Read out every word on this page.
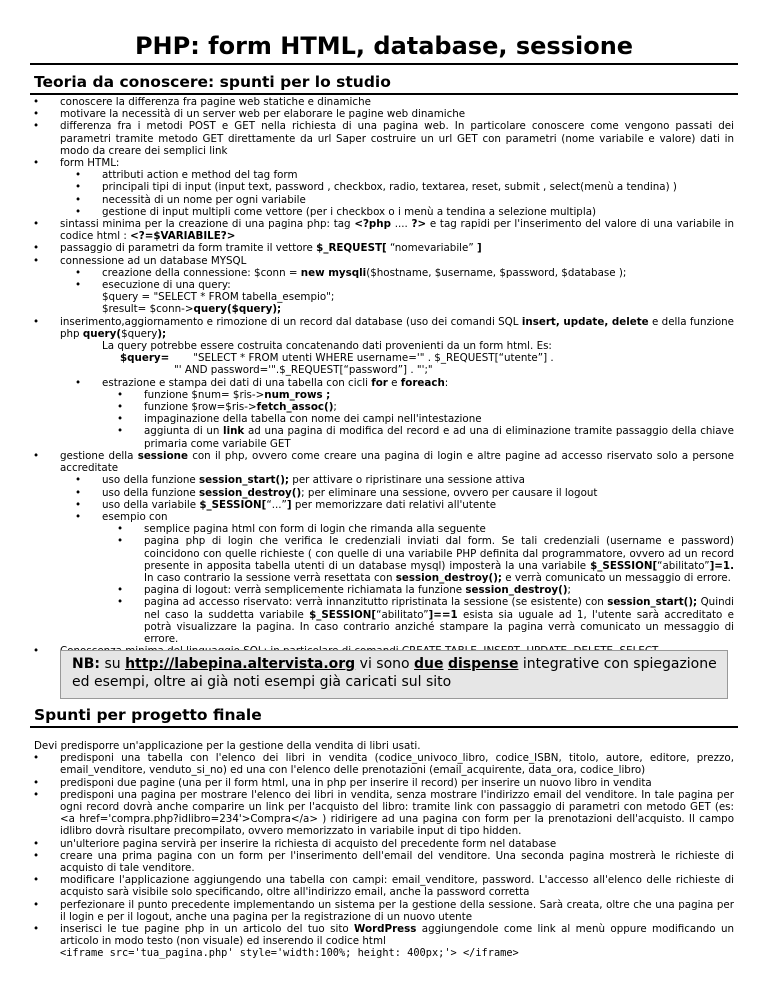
PHP: form HTML, database, sessione
Teoria da conoscere: spunti per lo studio

• conoscere la differenza fra pagine web statiche e dinamiche

• motivare la necessità di un server web per elaborare le pagine web dinamiche

• differenza fra i metodi POST e GET nella richiesta di una pagina web. In particolare conoscere come vengono passati dei parametri tramite metodo GET direttamente da url Saper costruire un url GET con parametri (nome variabile e valore) dati in modo da creare dei semplici link

• form HTML:

• attributi action e method del tag form

• principali tipi di input (input text, password , checkbox, radio, textarea, reset, submit , select(menù a tendina) )

• necessità di un nome per ogni variabile

• gestione di input multipli come vettore (per i checkbox o i menù a tendina a selezione multipla)

• sintassi minima per la creazione di una pagina php: tag <?php .... ?> e tag rapidi per l'inserimento del valore di una variabile in codice html : <?=$VARIABILE?>

• passaggio di parametri da form tramite il vettore $_REQUEST[ “nomevariabile” ]

• connessione ad un database MYSQL

• creazione della connessione: $conn = new mysqli($hostname, $username, $password, $database );

• esecuzione di una query:

$query = "SELECT * FROM tabella_esempio";

$result= $conn->query($query);

• inserimento,aggiornamento e rimozione di un record dal database (uso dei comandi SQL insert, update, delete e della funzione php query($query);

La query potrebbe essere costruita concatenando dati provenienti da un form html. Es:

$query= "SELECT * FROM utenti WHERE username='" . $_REQUEST[“utente”] .

"' AND password='".$_REQUEST[“password”] . "';"

• estrazione e stampa dei dati di una tabella con cicli for e foreach:

• funzione $num= $ris->num_rows ;

• funzione $row=$ris->fetch_assoc();

• impaginazione della tabella con nome dei campi nell'intestazione

• aggiunta di un link ad una pagina di modifica del record e ad una di eliminazione tramite passaggio della chiave primaria come variabile GET

• gestione della sessione con il php, ovvero come creare una pagina di login e altre pagine ad accesso riservato solo a persone accreditate

• uso della funzione session_start(); per attivare o ripristinare una sessione attiva

• uso della funzione session_destroy(); per eliminare una sessione, ovvero per causare il logout

• uso della variabile $_SESSION[“...”] per memorizzare dati relativi all'utente

• esempio con

• semplice pagina html con form di login che rimanda alla seguente

• pagina php di login che verifica le credenziali inviati dal form. Se tali credenziali (username e password) coincidono con quelle richieste ( con quelle di una variabile PHP definita dal programmatore, ovvero ad un record presente in apposita tabella utenti di un database mysql) imposterà la una variabile $_SESSION[“abilitato”]=1. In caso contrario la sessione verrà resettata con session_destroy(); e verrà comunicato un messaggio di errore.

• pagina di logout: verrà semplicemente richiamata la funzione session_destroy();

• pagina ad accesso riservato: verrà innanzitutto ripristinata la sessione (se esistente) con session_start(); Quindi nel caso la suddetta variabile $_SESSION[“abilitato”]==1 esista sia uguale ad 1, l'utente sarà accreditato e potrà visualizzare la pagina. In caso contrario anziché stampare la pagina verrà comunicato un messaggio di errore.

•

NB: su http://labepina.altervista.org vi sono due dispense integrative con spiegazione ed esempi, oltre ai già noti esempi già caricati sul sito
Spunti per progetto finale

Devi predisporre un'applicazione per la gestione della vendita di libri usati.

• predisponi una tabella con l'elenco dei libri in vendita (codice_univoco_libro, codice_ISBN, titolo, autore, editore, prezzo, email_venditore, venduto_si_no) ed una con l'elenco delle prenotazioni (email_acquirente, data_ora, codice_libro)

• predisponi due pagine (una per il form html, una in php per inserire il record) per inserire un nuovo libro in vendita

• predisponi una pagina per mostrare l'elenco dei libri in vendita, senza mostrare l'indirizzo email del venditore. In tale pagina per ogni record dovrà anche comparire un link per l'acquisto del libro: tramite link con passaggio di parametri con metodo GET (es: <a href='compra.php?idlibro=234'>Compra</a> ) ridirigere ad una pagina con form per la prenotazioni dell'acquisto. Il campo idlibro dovrà risultare precompilato, ovvero memorizzato in variabile input di tipo hidden.

• un'ulteriore pagina servirà per inserire la richiesta di acquisto del precedente form nel database

• creare una prima pagina con un form per l'inserimento dell'email del venditore. Una seconda pagina mostrerà le richieste di acquisto di tale venditore.

• modificare l'applicazione aggiungendo una tabella con campi: email_venditore, password. L'accesso all'elenco delle richieste di acquisto sarà visibile solo specificando, oltre all'indirizzo email, anche la password corretta

• perfezionare il punto precedente implementando un sistema per la gestione della sessione. Sarà creata, oltre che una pagina per il login e per il logout, anche una pagina per la registrazione di un nuovo utente

• inserisci le tue pagine php in un articolo del tuo sito WordPress aggiungendole come link al menù oppure modificando un articolo in modo testo (non visuale) ed inserendo il codice html

<iframe src='tua_pagina.php' style='width:100%; height: 400px;'> </iframe>
